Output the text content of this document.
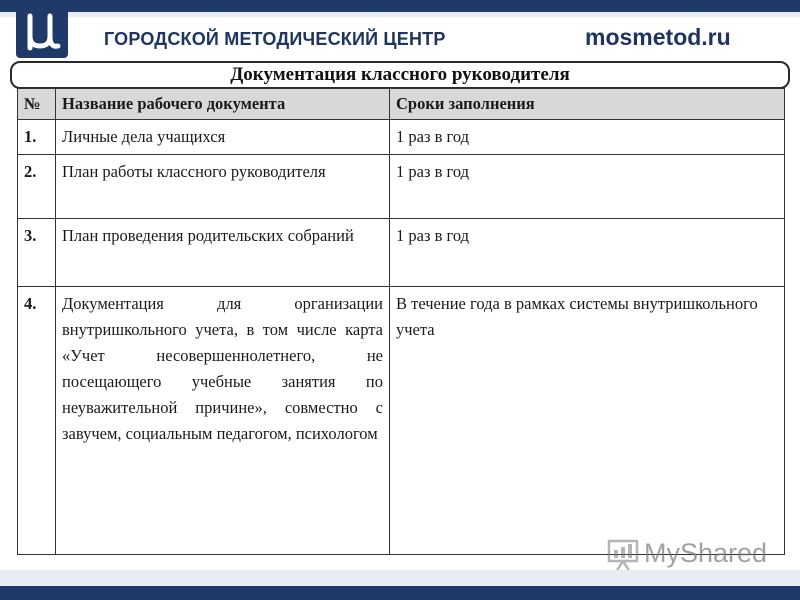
ГОРОДСКОЙ МЕТОДИЧЕСКИЙ ЦЕНТР	mosmetod.ru
Документация классного руководителя
№	Название рабочего документа	Сроки заполнения
1.	Личные дела учащихся	1 раз в год
2.	План работы классного руководителя	1 раз в год
3.	План проведения родительских собраний	1 раз в год
4.	Документация для организации внутришкольного учета, в том числе карта «Учет несовершеннолетнего, не посещающего учебные занятия по неуважительной причине», совместно с завучем, социальным педагогом, психологом	В течение года в рамках системы внутришкольного учета
MyShared
